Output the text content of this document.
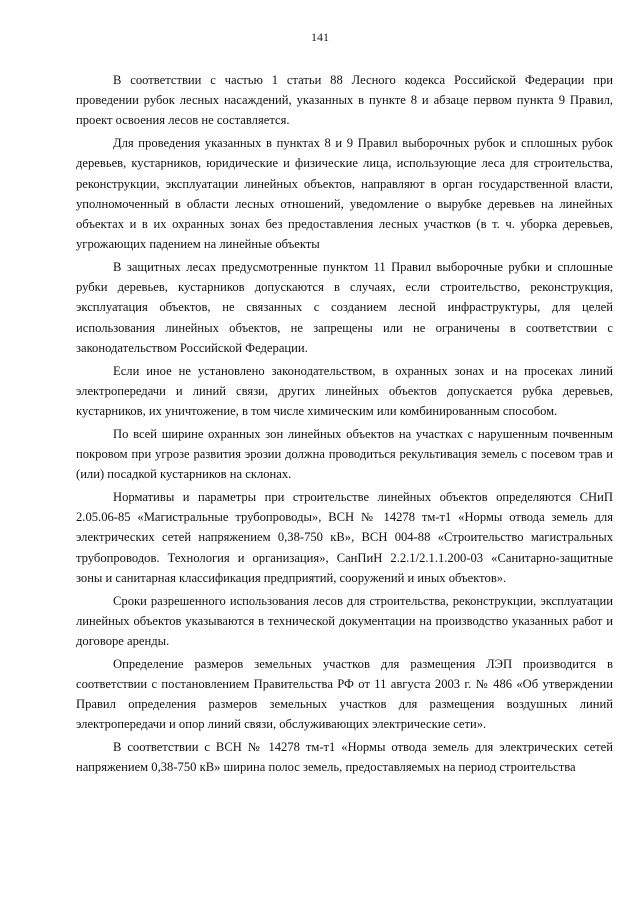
141

В соответствии с частью 1 статьи 88 Лесного кодекса Российской Федерации при проведении рубок лесных насаждений, указанных в пункте 8 и абзаце первом пункта 9 Правил, проект освоения лесов не составляется.

Для проведения указанных в пунктах 8 и 9 Правил выборочных рубок и сплошных рубок деревьев, кустарников, юридические и физические лица, использующие леса для строительства, реконструкции, эксплуатации линейных объектов, направляют в орган государственной власти, уполномоченный в области лесных отношений, уведомление о вырубке деревьев на линейных объектах и в их охранных зонах без предоставления лесных участков (в т. ч. уборка деревьев, угрожающих падением на линейные объекты

В защитных лесах предусмотренные пунктом 11 Правил выборочные рубки и сплошные рубки деревьев, кустарников допускаются в случаях, если строительство, реконструкция, эксплуатация объектов, не связанных с созданием лесной инфраструктуры, для целей использования линейных объектов, не запрещены или не ограничены в соответствии с законодательством Российской Федерации.

Если иное не установлено законодательством, в охранных зонах и на просеках линий электропередачи и линий связи, других линейных объектов допускается рубка деревьев, кустарников, их уничтожение, в том числе химическим или комбинированным способом.

По всей ширине охранных зон линейных объектов на участках с нарушенным почвенным покровом при угрозе развития эрозии должна проводиться рекультивация земель с посевом трав и (или) посадкой кустарников на склонах.

Нормативы и параметры при строительстве линейных объектов определяются СНиП 2.05.06-85 «Магистральные трубопроводы», ВСН № 14278 тм-т1 «Нормы отвода земель для электрических сетей напряжением 0,38-750 кВ», ВСН 004-88 «Строительство магистральных трубопроводов. Технология и организация», СанПиН 2.2.1/2.1.1.200-03 «Санитарно-защитные зоны и санитарная классификация предприятий, сооружений и иных объектов».

Сроки разрешенного использования лесов для строительства, реконструкции, эксплуатации линейных объектов указываются в технической документации на производство указанных работ и договоре аренды.

Определение размеров земельных участков для размещения ЛЭП производится в соответствии с постановлением Правительства РФ от 11 августа 2003 г. № 486 «Об утверждении Правил определения размеров земельных участков для размещения воздушных линий электропередачи и опор линий связи, обслуживающих электрические сети».

В соответствии с ВСН № 14278 тм-т1 «Нормы отвода земель для электрических сетей напряжением 0,38-750 кВ» ширина полос земель, предоставляемых на период строительства
